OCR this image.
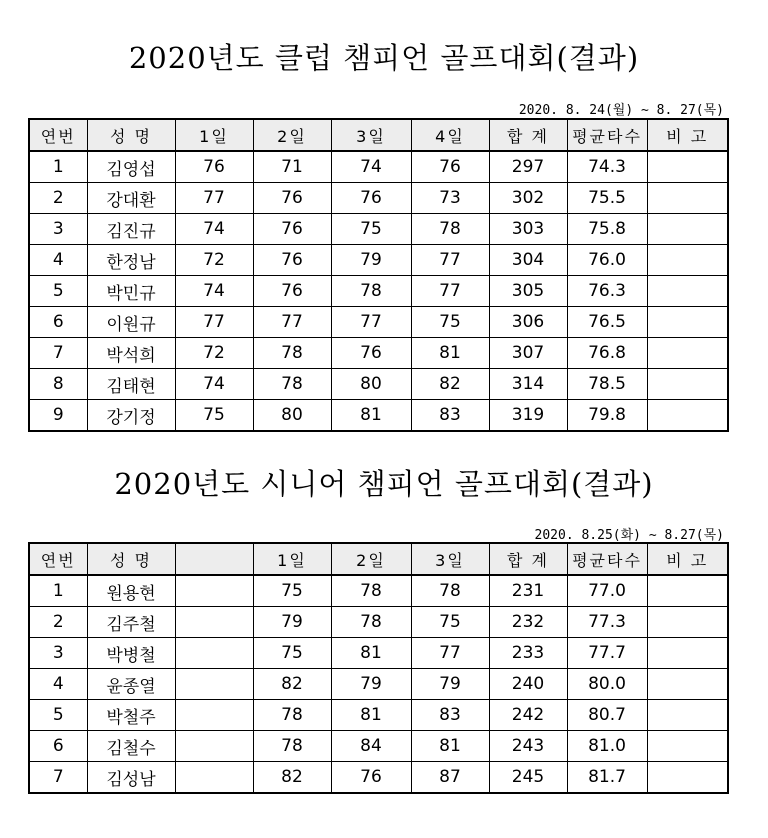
2020년도 클럽 챔피언 골프대회(결과)
2020. 8. 24(월) ~ 8. 27(목)
연번	성 명	1일	2일	3일	4일	합 계	평균타수	비 고
1	김영섭	76	71	74	76	297	74.3	
2	강대환	77	76	76	73	302	75.5	
3	김진규	74	76	75	78	303	75.8	
4	한정남	72	76	79	77	304	76.0	
5	박민규	74	76	78	77	305	76.3	
6	이원규	77	77	77	75	306	76.5	
7	박석희	72	78	76	81	307	76.8	
8	김태현	74	78	80	82	314	78.5	
9	강기정	75	80	81	83	319	79.8	
2020년도 시니어 챔피언 골프대회(결과)
2020. 8.25(화) ~ 8.27(목)
연번	성 명		1일	2일	3일	합 계	평균타수	비 고
1	원용현		75	78	78	231	77.0	
2	김주철		79	78	75	232	77.3	
3	박병철		75	81	77	233	77.7	
4	윤종열		82	79	79	240	80.0	
5	박철주		78	81	83	242	80.7	
6	김철수		78	84	81	243	81.0	
7	김성남		82	76	87	245	81.7	
